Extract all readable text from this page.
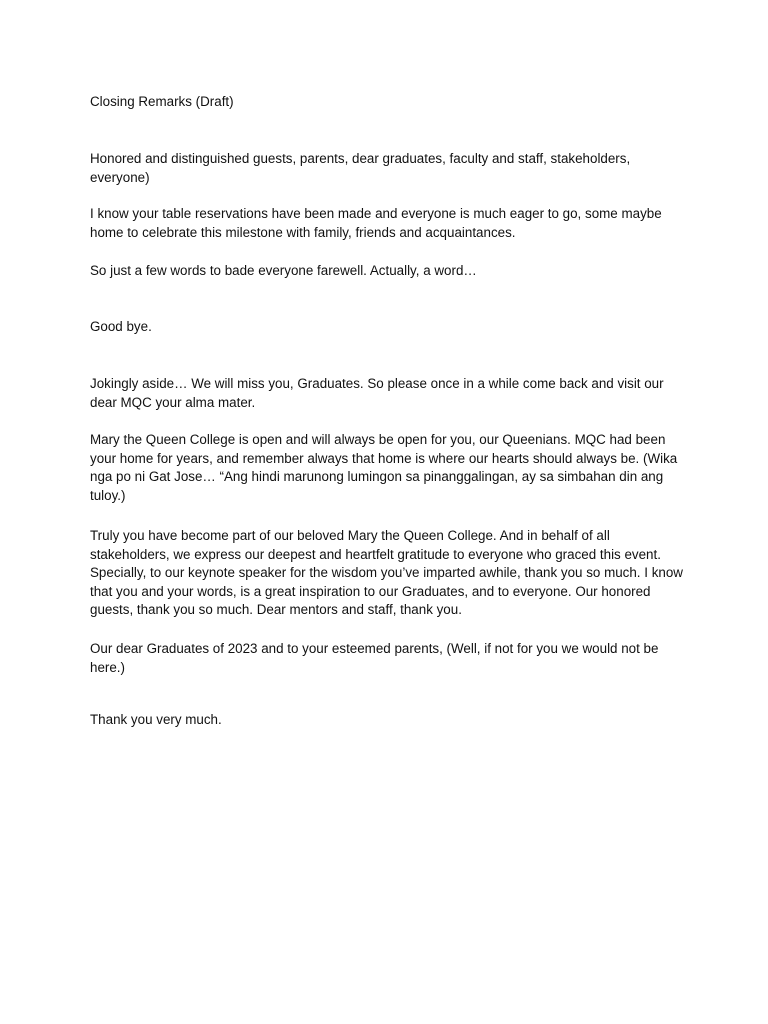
Closing Remarks (Draft)

Honored and distinguished guests, parents, dear graduates, faculty and staff, stakeholders, everyone)

I know your table reservations have been made and everyone is much eager to go, some maybe home to celebrate this milestone with family, friends and acquaintances.

So just a few words to bade everyone farewell. Actually, a word…

Good bye.

Jokingly aside… We will miss you, Graduates. So please once in a while come back and visit our dear MQC your alma mater.

Mary the Queen College is open and will always be open for you, our Queenians. MQC had been your home for years, and remember always that home is where our hearts should always be. (Wika nga po ni Gat Jose… “Ang hindi marunong lumingon sa pinanggalingan, ay sa simbahan din ang tuloy.)

Truly you have become part of our beloved Mary the Queen College. And in behalf of all stakeholders, we express our deepest and heartfelt gratitude to everyone who graced this event. Specially, to our keynote speaker for the wisdom you’ve imparted awhile, thank you so much. I know that you and your words, is a great inspiration to our Graduates, and to everyone. Our honored guests, thank you so much. Dear mentors and staff, thank you.

Our dear Graduates of 2023 and to your esteemed parents, (Well, if not for you we would not be here.)

Thank you very much.
